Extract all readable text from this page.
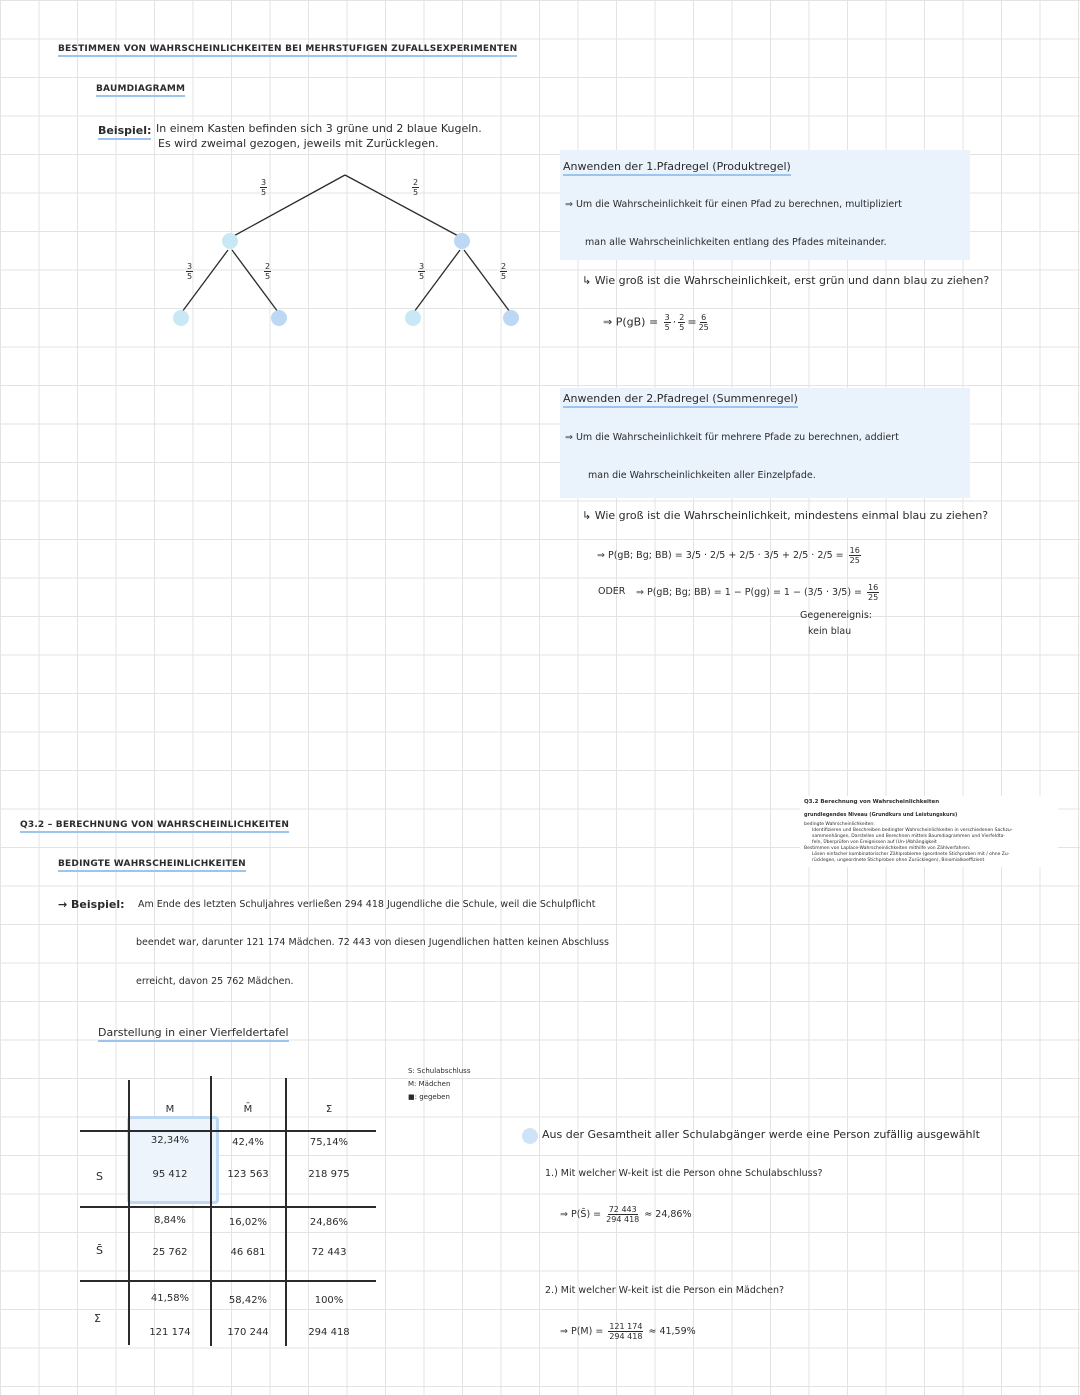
BESTIMMEN VON WAHRSCHEINLICHKEITEN BEI MEHRSTUFIGEN ZUFALLSEXPERIMENTEN
BAUMDIAGRAMM
Beispiel: In einem Kasten befinden sich 3 grüne und 2 blaue Kugeln.
Es wird zweimal gezogen, jeweils mit Zurücklegen.
$\frac{3}{5}$	$\frac{2}{5}$
$\frac{3}{5}$	$\frac{2}{5}$	$\frac{3}{5}$	$\frac{2}{5}$
Anwenden der 1.Pfadregel (Produktregel)
⇒ Um die Wahrscheinlichkeit für einen Pfad zu berechnen, multipliziert
man alle Wahrscheinlichkeiten entlang des Pfades miteinander.
↳ Wie groß ist die Wahrscheinlichkeit, erst grün und dann blau zu ziehen?
⇒ $P(gB) = \frac{3}{5} \cdot \frac{2}{5} = \frac{6}{25}$
Anwenden der 2.Pfadregel (Summenregel)
⇒ Um die Wahrscheinlichkeit für mehrere Pfade zu berechnen, addiert
man die Wahrscheinlichkeiten aller Einzelpfade.
↳ Wie groß ist die Wahrscheinlichkeit, mindestens einmal blau zu ziehen?
⇒ P(gB; Bg; $BB) = 3/5 \cdot 2/5 + 2/5 \cdot 3/5 + 2/5 \cdot 2/5 = \frac{16}{25}$
ODER ⇒ P(gB; Bg; $BB) = 1 - P(gg) = 1 - (3/5 \cdot 3/5) = \frac{16}{25}$
Gegenereignis:
kein blau
Q3.2 – BERECHNUNG VON WAHRSCHEINLICHKEITEN
BEDINGTE WAHRSCHEINLICHKEITEN
→ Beispiel: Am Ende des letzten Schuljahres verließen 294 418 Jugendliche die Schule, weil die Schulpflicht
beendet war, darunter 121 174 Mädchen. 72 443 von diesen Jugendlichen hatten keinen Abschluss
erreicht, davon 25 762 Mädchen.
Darstellung in einer Vierfeldertafel
S: Schulabschluss
M: Mädchen
■: gegeben
M	M̄	Σ
S
32,34%	42,4%	75,14%
95 412	123 563	218 975
S̄
8,84%	16,02%	24,86%
25 762	46 681	72 443
Σ
41,58%	58,42%	100%
121 174	170 244	294 418
Aus der Gesamtheit aller Schulabgänger werde eine Person zufällig ausgewählt
1.) Mit welcher W-keit ist die Person ohne Schulabschluss?
⇒ P(S̄) = $\frac{72 443}{294 418} \approx 24,86\%$
2.) Mit welcher W-keit ist die Person ein Mädchen?
⇒ $P(M) = \frac{121 174}{294 418} \approx 41,59\%$
Q3.2 Berechnung von Wahrscheinlichkeiten
grundlegendes Niveau (Grundkurs und Leistungskurs)
bedingte Wahrscheinlichkeiten:
Identifizieren und Beschreiben bedingter Wahrscheinlichkeiten in verschiedenen Sachzu-
sammenhängen, Darstellen und Berechnen mittels Baumdiagrammen und Vierfeldta-
feln, Überprüfen von Ereignissen auf (Un-)Abhängigkeit
Bestimmen von Laplace-Wahrscheinlichkeiten mithilfe von Zählverfahren:
Lösen einfacher kombinatorischer Zählprobleme (geordnete Stichproben mit / ohne Zu-
rücklegen, ungeordnete Stichproben ohne Zurücklegen), Binomialkoeffizient
